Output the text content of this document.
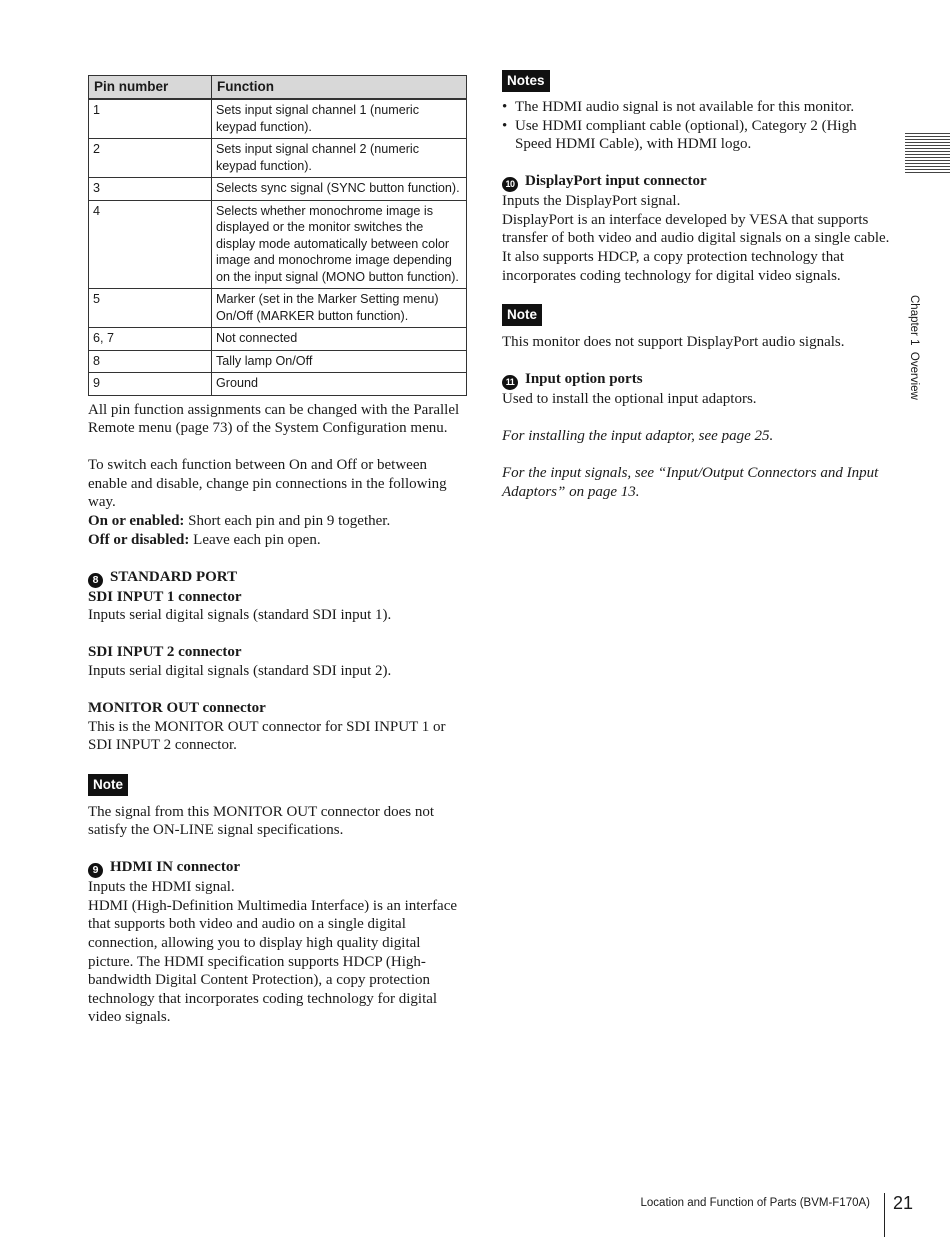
Pin number	Function
1	Sets input signal channel 1 (numeric keypad function).
2	Sets input signal channel 2 (numeric keypad function).
3	Selects sync signal (SYNC button function).
4	Selects whether monochrome image is displayed or the monitor switches the display mode automatically between color image and monochrome image depending on the input signal (MONO button function).
5	Marker (set in the Marker Setting menu) On/Off (MARKER button function).
6, 7	Not connected
8	Tally lamp On/Off
9	Ground

All pin function assignments can be changed with the Parallel Remote menu (page 73) of the System Configuration menu.

To switch each function between On and Off or between enable and disable, change pin connections in the following way.

On or enabled: Short each pin and pin 9 together.

Off or disabled: Leave each pin open.

8 STANDARD PORT
SDI INPUT 1 connector

Inputs serial digital signals (standard SDI input 1).

SDI INPUT 2 connector

Inputs serial digital signals (standard SDI input 2).

MONITOR OUT connector

This is the MONITOR OUT connector for SDI INPUT 1 or SDI INPUT 2 connector.

Note

The signal from this MONITOR OUT connector does not satisfy the ON-LINE signal specifications.

9 HDMI IN connector

Inputs the HDMI signal.

HDMI (High-Definition Multimedia Interface) is an interface that supports both video and audio on a single digital connection, allowing you to display high quality digital picture. The HDMI specification supports HDCP (High-bandwidth Digital Content Protection), a copy protection technology that incorporates coding technology for digital video signals.

Notes

• The HDMI audio signal is not available for this monitor.

• Use HDMI compliant cable (optional), Category 2 (High Speed HDMI Cable), with HDMI logo.

10 DisplayPort input connector

Inputs the DisplayPort signal.

DisplayPort is an interface developed by VESA that supports transfer of both video and audio digital signals on a single cable.

It also supports HDCP, a copy protection technology that incorporates coding technology for digital video signals.

Note

This monitor does not support DisplayPort audio signals.

11 Input option ports

Used to install the optional input adaptors.

For installing the input adaptor, see page 25.

For the input signals, see “Input/Output Connectors and Input Adaptors” on page 13.

Chapter 1  Overview
Location and Function of Parts (BVM-F170A) 21
